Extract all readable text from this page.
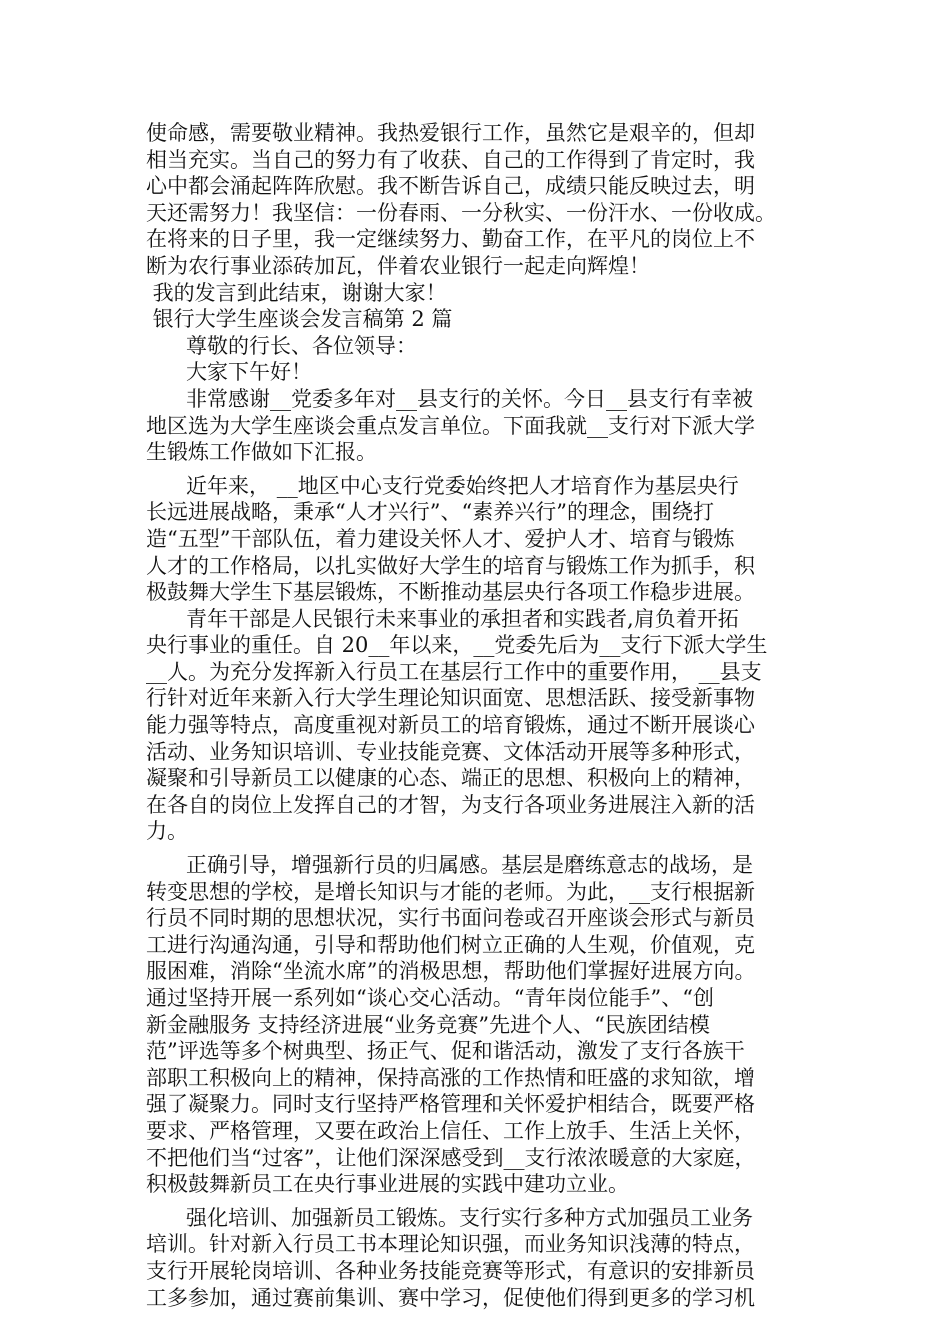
使命感，需要敬业精神。我热爱银行工作，虽然它是艰辛的，但却
相当充实。当自己的努力有了收获、自己的工作得到了肯定时，我
心中都会涌起阵阵欣慰。我不断告诉自己，成绩只能反映过去，明
天还需努力！我坚信：一份春雨、一分秋实、一份汗水、一份收成。
在将来的日子里，我一定继续努力、勤奋工作，在平凡的岗位上不
断为农行事业添砖加瓦，伴着农业银行一起走向辉煌！
我的发言到此结束，谢谢大家！
银行大学生座谈会发言稿第 2 篇
尊敬的行长、各位领导：
大家下午好！
非常感谢__党委多年对__县支行的关怀。今日__县支行有幸被
地区选为大学生座谈会重点发言单位。下面我就__支行对下派大学
生锻炼工作做如下汇报。
近年来， __地区中心支行党委始终把人才培育作为基层央行
长远进展战略，秉承“人才兴行”、“素养兴行”的理念，围绕打
造“五型”干部队伍，着力建设关怀人才、爱护人才、培育与锻炼
人才的工作格局，以扎实做好大学生的培育与锻炼工作为抓手，积
极鼓舞大学生下基层锻炼，不断推动基层央行各项工作稳步进展。
青年干部是人民银行未来事业的承担者和实践者,肩负着开拓
央行事业的重任。自 20__年以来，__党委先后为__支行下派大学生
__人。为充分发挥新入行员工在基层行工作中的重要作用， __县支
行针对近年来新入行大学生理论知识面宽、思想活跃、接受新事物
能力强等特点，高度重视对新员工的培育锻炼，通过不断开展谈心
活动、业务知识培训、专业技能竞赛、文体活动开展等多种形式，
凝聚和引导新员工以健康的心态、端正的思想、积极向上的精神，
在各自的岗位上发挥自己的才智，为支行各项业务进展注入新的活
力。
正确引导，增强新行员的归属感。基层是磨练意志的战场，是
转变思想的学校，是增长知识与才能的老师。为此，__支行根据新
行员不同时期的思想状况，实行书面问卷或召开座谈会形式与新员
工进行沟通沟通，引导和帮助他们树立正确的人生观，价值观，克
服困难，消除“坐流水席”的消极思想，帮助他们掌握好进展方向。
通过坚持开展一系列如“谈心交心活动。“青年岗位能手”、“创
新金融服务 支持经济进展“业务竞赛”先进个人、“民族团结模
范”评选等多个树典型、扬正气、促和谐活动，激发了支行各族干
部职工积极向上的精神，保持高涨的工作热情和旺盛的求知欲，增
强了凝聚力。同时支行坚持严格管理和关怀爱护相结合，既要严格
要求、严格管理，又要在政治上信任、工作上放手、生活上关怀，
不把他们当“过客”，让他们深深感受到__支行浓浓暖意的大家庭，
积极鼓舞新员工在央行事业进展的实践中建功立业。
强化培训、加强新员工锻炼。支行实行多种方式加强员工业务
培训。针对新入行员工书本理论知识强，而业务知识浅薄的特点，
支行开展轮岗培训、各种业务技能竞赛等形式，有意识的安排新员
工多参加，通过赛前集训、赛中学习，促使他们得到更多的学习机
